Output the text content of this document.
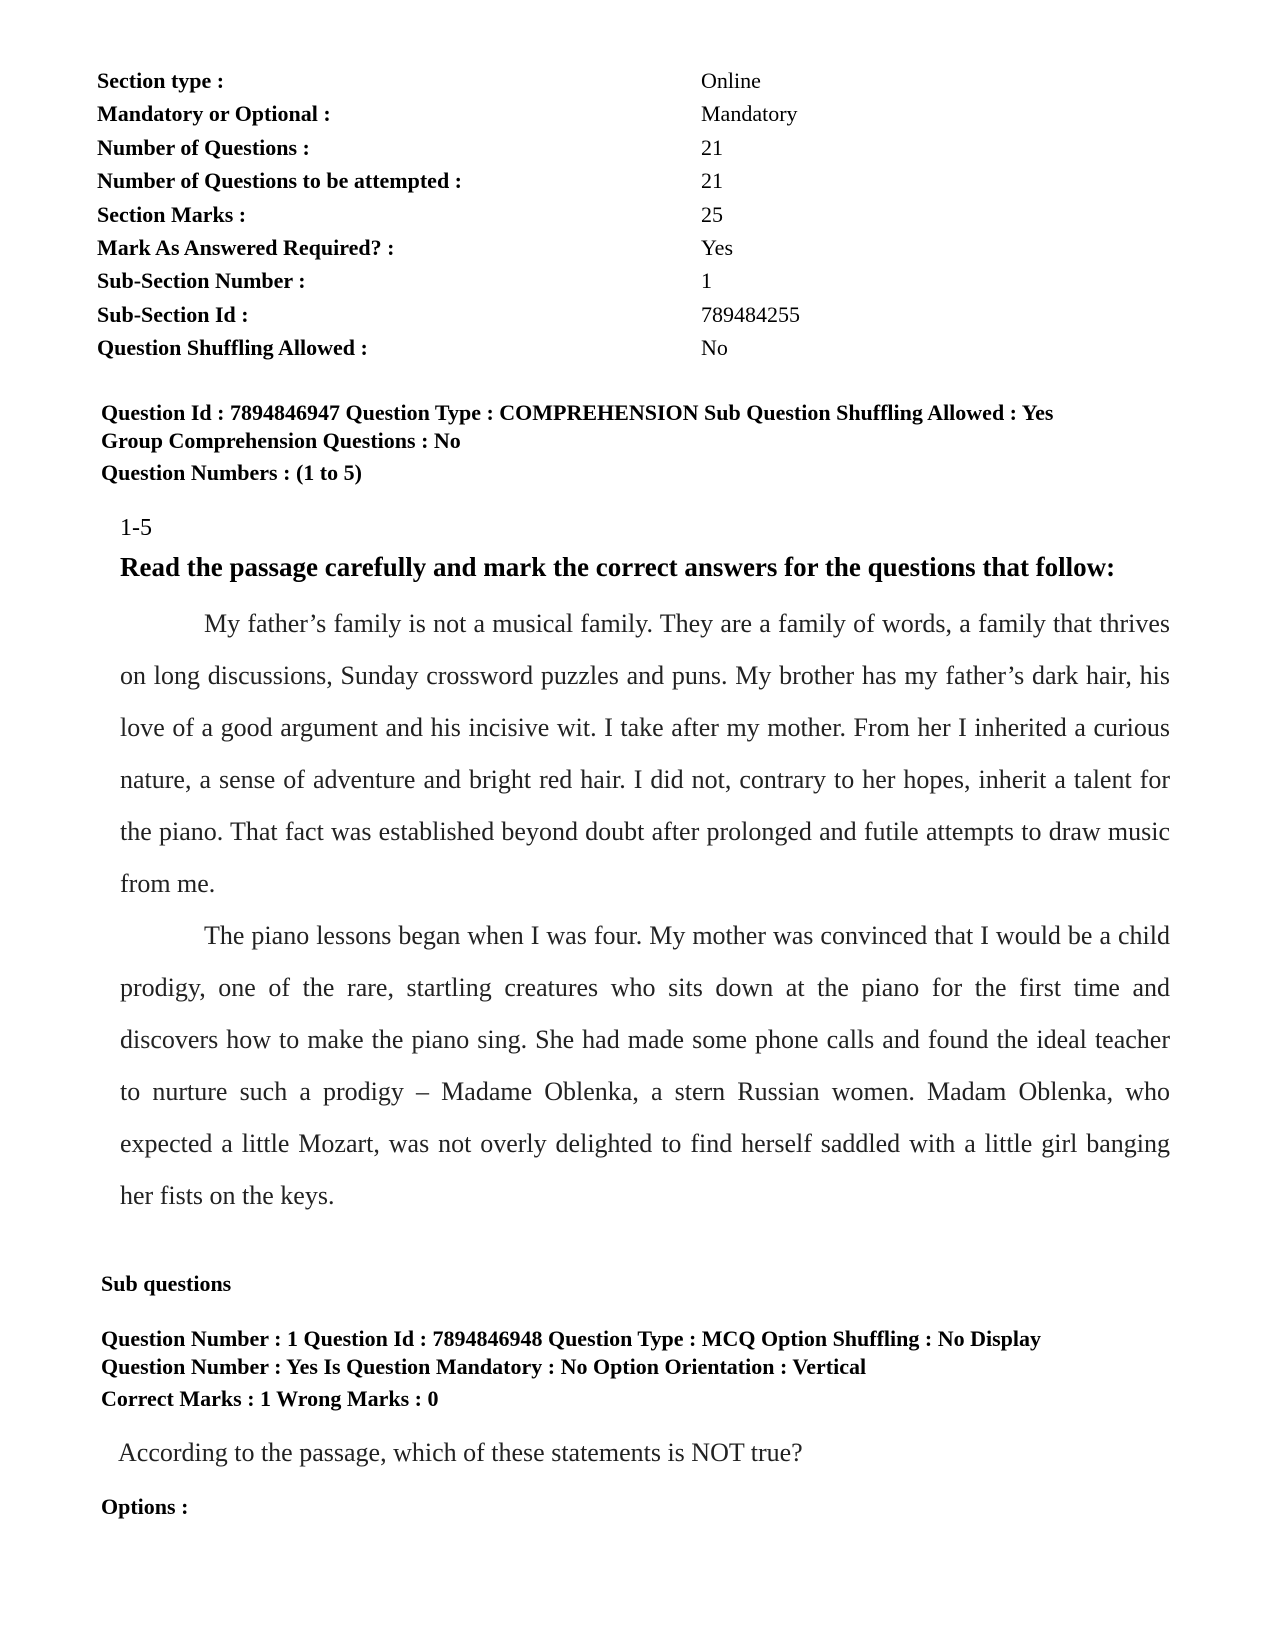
Section type :	Online
Mandatory or Optional :	Mandatory
Number of Questions :	21
Number of Questions to be attempted :	21
Section Marks :	25
Mark As Answered Required? :	Yes
Sub-Section Number :	1
Sub-Section Id :	789484255
Question Shuffling Allowed :	No
Question Id : 7894846947 Question Type : COMPREHENSION Sub Question Shuffling Allowed : Yes
Group Comprehension Questions : No
Question Numbers : (1 to 5)
1-5
Read the passage carefully and mark the correct answers for the questions that follow:

My father’s family is not a musical family. They are a family of words, a family that thrives on long discussions, Sunday crossword puzzles and puns. My brother has my father’s dark hair, his love of a good argument and his incisive wit. I take after my mother. From her I inherited a curious nature, a sense of adventure and bright red hair. I did not, contrary to her hopes, inherit a talent for the piano. That fact was established beyond doubt after prolonged and futile attempts to draw music from me.

The piano lessons began when I was four. My mother was convinced that I would be a child prodigy, one of the rare, startling creatures who sits down at the piano for the first time and discovers how to make the piano sing. She had made some phone calls and found the ideal teacher to nurture such a prodigy – Madame Oblenka, a stern Russian women. Madam Oblenka, who expected a little Mozart, was not overly delighted to find herself saddled with a little girl banging her fists on the keys.

Sub questions
Question Number : 1 Question Id : 7894846948 Question Type : MCQ Option Shuffling : No Display
Question Number : Yes Is Question Mandatory : No Option Orientation : Vertical
Correct Marks : 1 Wrong Marks : 0
According to the passage, which of these statements is NOT true?
Options :
